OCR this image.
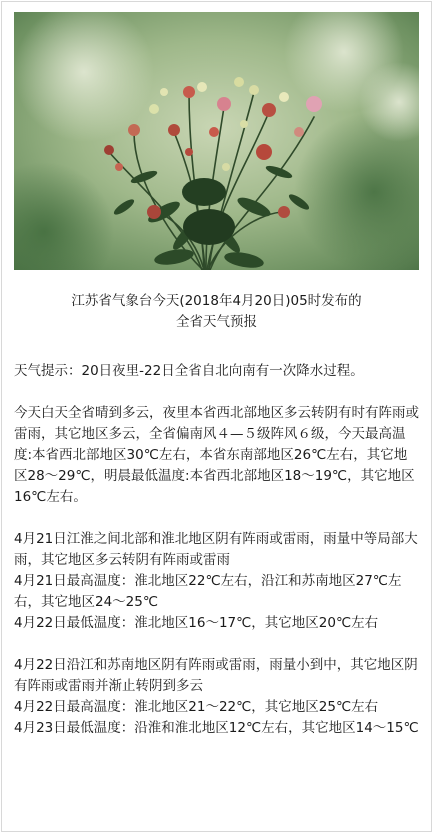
江苏省气象台今天(2018年4月20日)05时发布的
全省天气预报

天气提示：20日夜里-22日全省自北向南有一次降水过程。

今天白天全省晴到多云，夜里本省西北部地区多云转阴有时有阵雨或雷雨，其它地区多云，全省偏南风４—５级阵风６级，今天最高温度:本省西北部地区30℃左右，本省东南部地区26℃左右，其它地区28～29℃，明晨最低温度:本省西北部地区18～19℃，其它地区16℃左右。

4月21日江淮之间北部和淮北地区阴有阵雨或雷雨，雨量中等局部大雨，其它地区多云转阴有阵雨或雷雨

4月21日最高温度：淮北地区22℃左右，沿江和苏南地区27℃左右，其它地区24～25℃

4月22日最低温度：淮北地区16～17℃，其它地区20℃左右

4月22日沿江和苏南地区阴有阵雨或雷雨，雨量小到中，其它地区阴有阵雨或雷雨并渐止转阴到多云

4月22日最高温度：淮北地区21～22℃，其它地区25℃左右

4月23日最低温度：沿淮和淮北地区12℃左右，其它地区14～15℃
